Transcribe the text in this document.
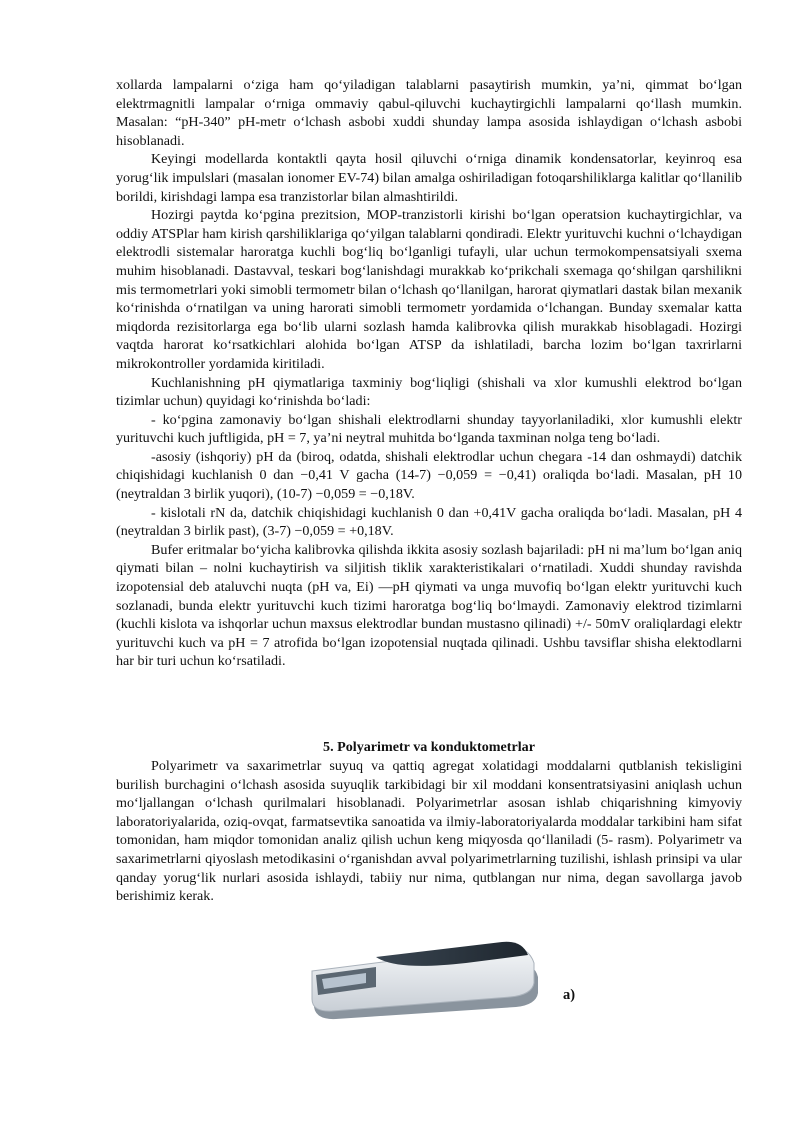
xollarda lampalarni o‘ziga ham qo‘yiladigan talablarni pasaytirish mumkin, ya’ni, qimmat bo‘lgan elektrmagnitli lampalar o‘rniga ommaviy qabul-qiluvchi kuchaytirgichli lampalarni qo‘llash mumkin. Masalan: “pH-340” pH-metr o‘lchash asbobi xuddi shunday lampa asosida ishlaydigan o‘lchash asbobi hisoblanadi.

Keyingi modellarda kontaktli qayta hosil qiluvchi o‘rniga dinamik kondensatorlar, keyinroq esa yorug‘lik impulslari (masalan ionomer EV-74) bilan amalga oshiriladigan fotoqarshiliklarga kalitlar qo‘llanilib borildi, kirishdagi lampa esa tranzistorlar bilan almashtirildi.

Hozirgi paytda ko‘pgina prezitsion, MOP-tranzistorli kirishi bo‘lgan operatsion kuchaytirgichlar, va oddiy ATSPlar ham kirish qarshiliklariga qo‘yilgan talablarni qondiradi. Elektr yurituvchi kuchni o‘lchaydigan elektrodli sistemalar haroratga kuchli bog‘liq bo‘lganligi tufayli, ular uchun termokompensatsiyali sxema muhim hisoblanadi. Dastavval, teskari bog‘lanishdagi murakkab ko‘prikchali sxemaga qo‘shilgan qarshilikni mis termometrlari yoki simobli termometr bilan o‘lchash qo‘llanilgan, harorat qiymatlari dastak bilan mexanik ko‘rinishda o‘rnatilgan va uning harorati simobli termometr yordamida o‘lchangan. Bunday sxemalar katta miqdorda rezisitorlarga ega bo‘lib ularni sozlash hamda kalibrovka qilish murakkab hisoblagadi. Hozirgi vaqtda harorat ko‘rsatkichlari alohida bo‘lgan ATSP da ishlatiladi, barcha lozim bo‘lgan taxrirlarni mikrokontroller yordamida kiritiladi.

Kuchlanishning pH qiymatlariga taxminiy bog‘liqligi (shishali va xlor kumushli elektrod bo‘lgan tizimlar uchun) quyidagi ko‘rinishda bo‘ladi:

- ko‘pgina zamonaviy bo‘lgan shishali elektrodlarni shunday tayyorlaniladiki, xlor kumushli elektr yurituvchi kuch juftligida, pH = 7, ya’ni neytral muhitda bo‘lganda taxminan nolga teng bo‘ladi.

-asosiy (ishqoriy) pH da (biroq, odatda, shishali elektrodlar uchun chegara -14 dan oshmaydi) datchik chiqishidagi kuchlanish 0 dan −0,41 V gacha (14-7) −0,059 = −0,41) oraliqda bo‘ladi. Masalan, pH 10 (neytraldan 3 birlik yuqori), (10-7) −0,059 = −0,18V.

- kislotali rN da, datchik chiqishidagi kuchlanish 0 dan +0,41V gacha oraliqda bo‘ladi. Masalan, pH 4 (neytraldan 3 birlik past), (3-7) −0,059 = +0,18V.

Bufer eritmalar bo‘yicha kalibrovka qilishda ikkita asosiy sozlash bajariladi: pH ni ma’lum bo‘lgan aniq qiymati bilan – nolni kuchaytirish va siljitish tiklik xarakteristikalari o‘rnatiladi. Xuddi shunday ravishda izopotensial deb ataluvchi nuqta (pH va, Ei) —pH qiymati va unga muvofiq bo‘lgan elektr yurituvchi kuch sozlanadi, bunda elektr yurituvchi kuch tizimi haroratga bog‘liq bo‘lmaydi. Zamonaviy elektrod tizimlarni (kuchli kislota va ishqorlar uchun maxsus elektrodlar bundan mustasno qilinadi) +/- 50mV oraliqlardagi elektr yurituvchi kuch va pH = 7 atrofida bo‘lgan izopotensial nuqtada qilinadi. Ushbu tavsiflar shisha elektodlarni har bir turi uchun ko‘rsatiladi.

5. Polyarimetr va konduktometrlar

Polyarimetr va saxarimetrlar suyuq va qattiq agregat xolatidagi moddalarni qutblanish tekisligini burilish burchagini o‘lchash asosida suyuqlik tarkibidagi bir xil moddani konsentratsiyasini aniqlash uchun mo‘ljallangan o‘lchash qurilmalari hisoblanadi. Polyarimetrlar asosan ishlab chiqarishning kimyoviy laboratoriyalarida, oziq-ovqat, farmatsevtika sanoatida va ilmiy-laboratoriyalarda moddalar tarkibini ham sifat tomonidan, ham miqdor tomonidan analiz qilish uchun keng miqyosda qo‘llaniladi (5- rasm). Polyarimetr va saxarimetrlarni qiyoslash metodikasini o‘rganishdan avval polyarimetrlarning tuzilishi, ishlash prinsipi va ular qanday yorug‘lik nurlari asosida ishlaydi, tabiiy nur nima, qutblangan nur nima, degan savollarga javob berishimiz kerak.

a)
